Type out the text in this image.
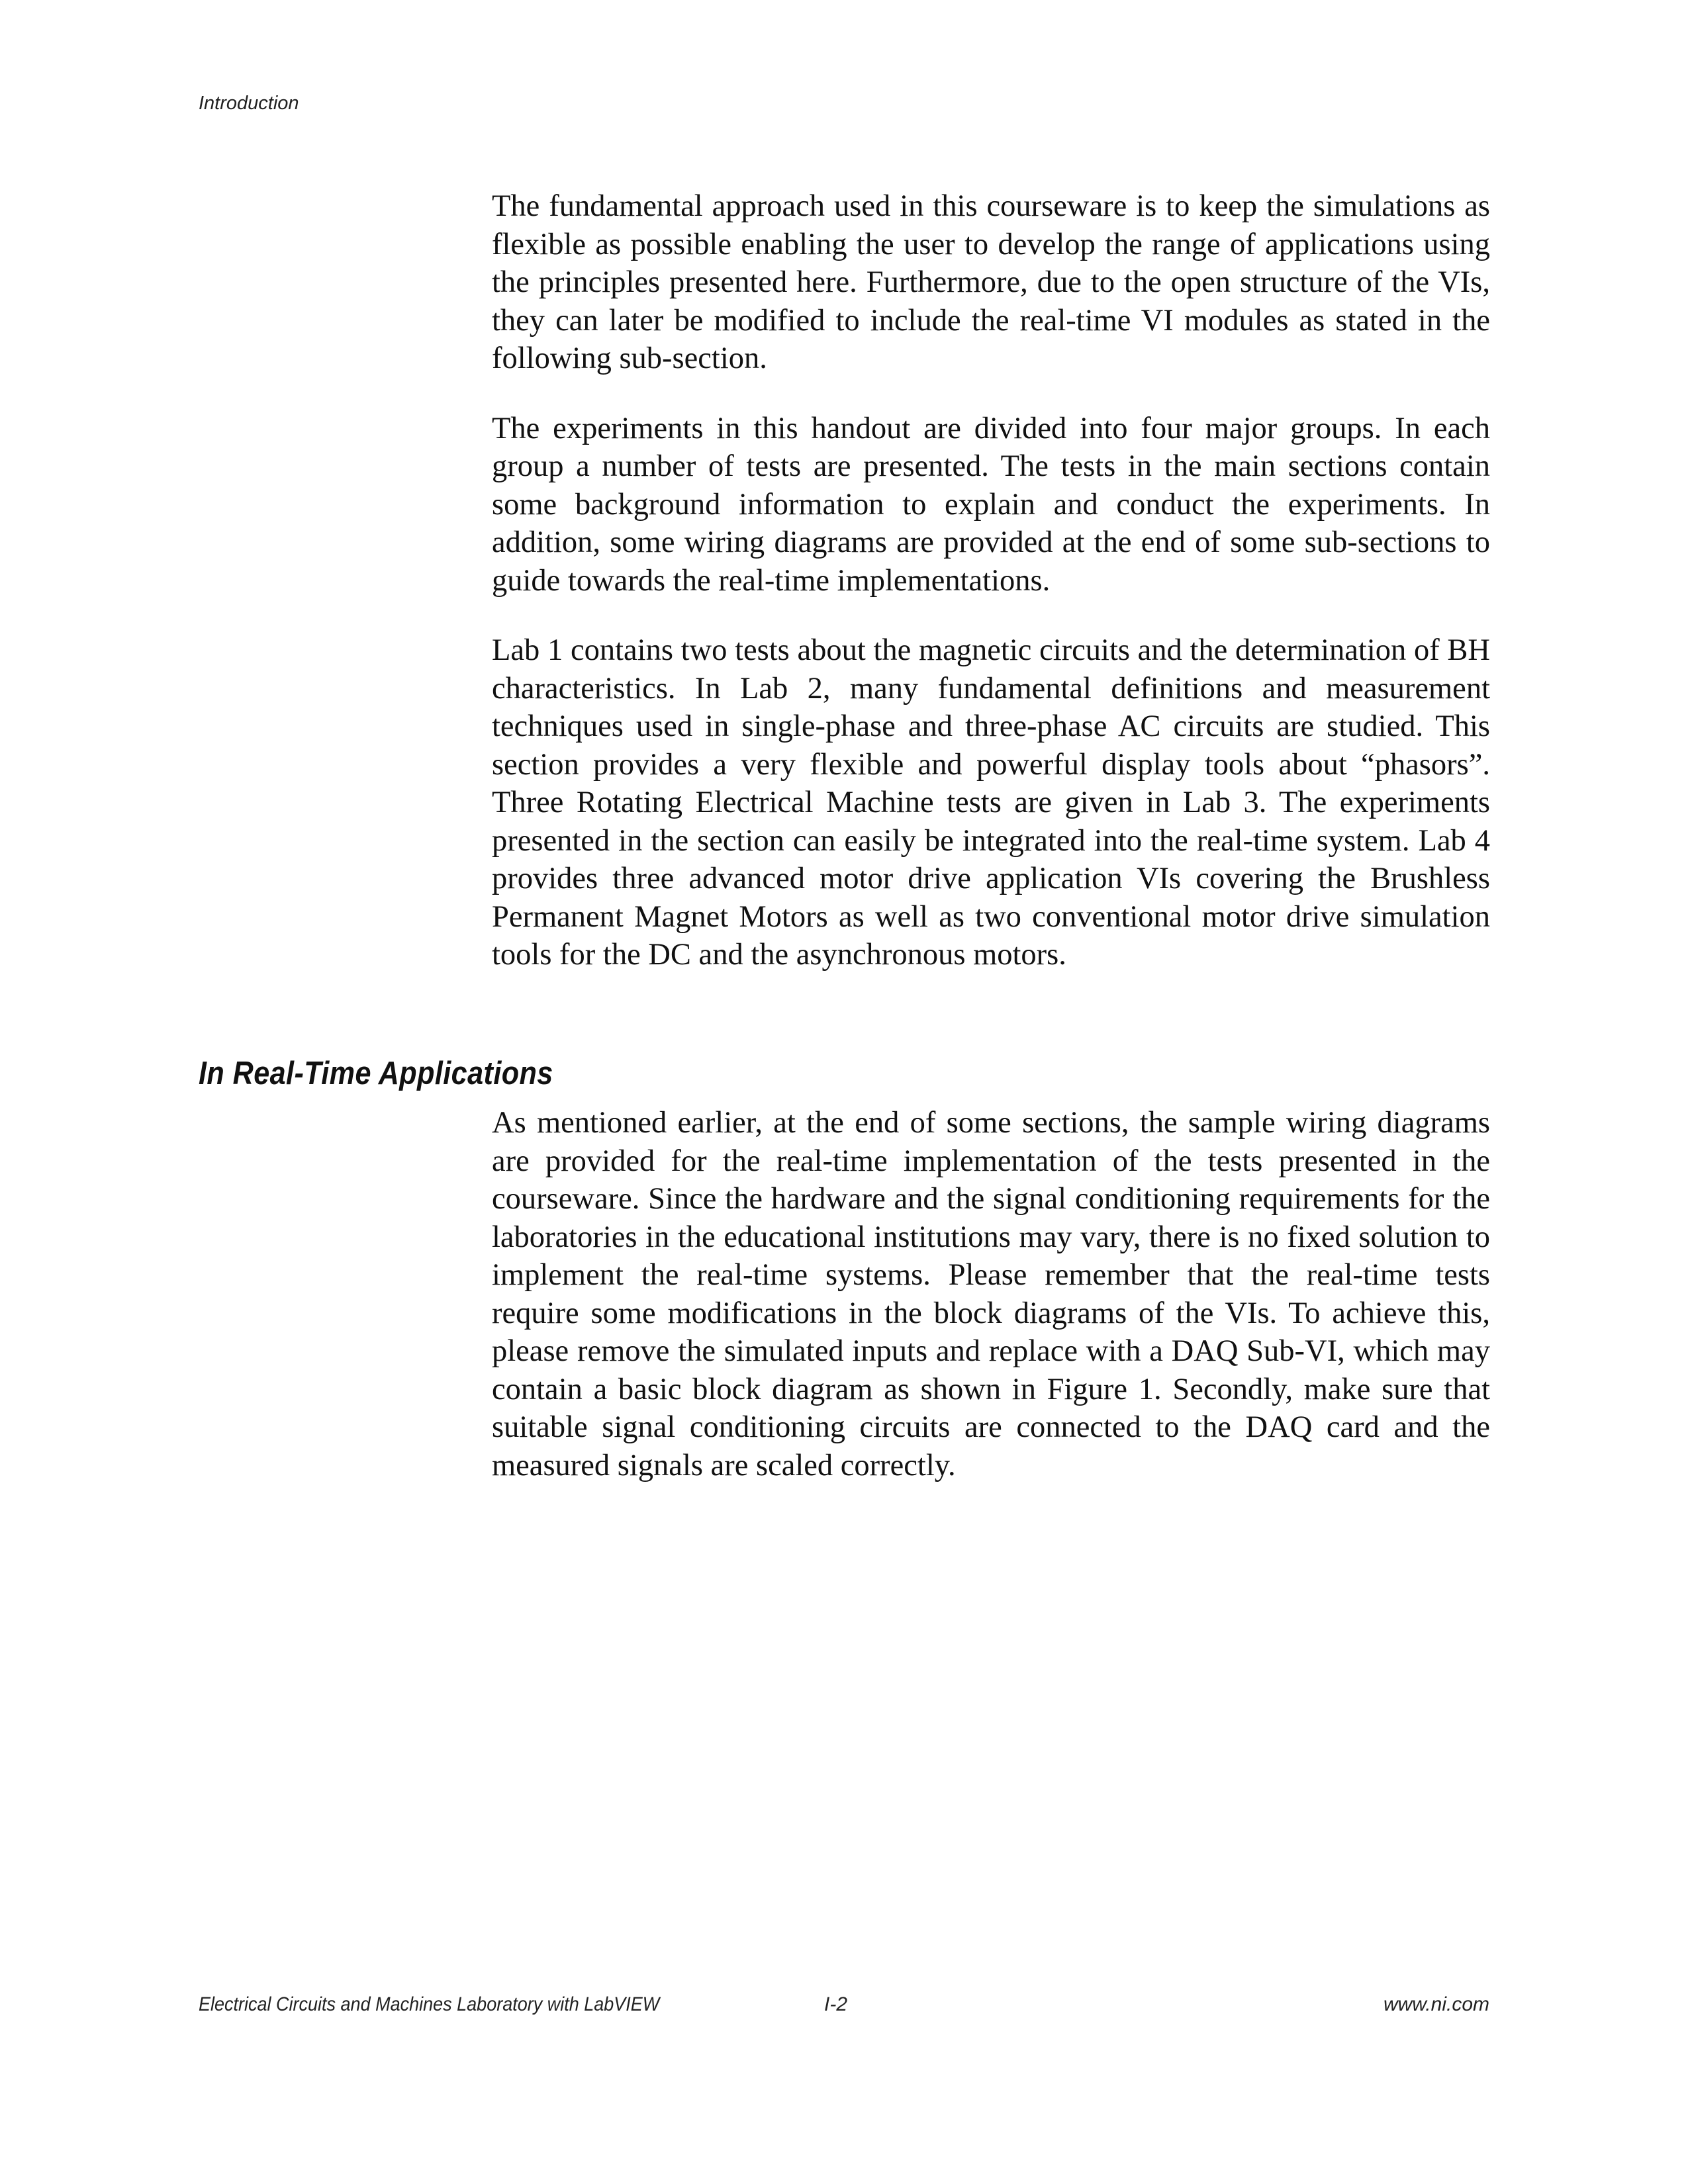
Introduction

The fundamental approach used in this courseware is to keep the simulations as flexible as possible enabling the user to develop the range of applications using the principles presented here. Furthermore, due to the open structure of the VIs, they can later be modified to include the real-time VI modules as stated in the following sub-section.

The experiments in this handout are divided into four major groups. In each group a number of tests are presented. The tests in the main sections contain some background information to explain and conduct the experiments. In addition, some wiring diagrams are provided at the end of some sub-sections to guide towards the real-time implementations.

Lab 1 contains two tests about the magnetic circuits and the determination of BH characteristics. In Lab 2, many fundamental definitions and measurement techniques used in single-phase and three-phase AC circuits are studied. This section provides a very flexible and powerful display tools about “phasors”. Three Rotating Electrical Machine tests are given in Lab 3. The experiments presented in the section can easily be integrated into the real-time system. Lab 4 provides three advanced motor drive application VIs covering the Brushless Permanent Magnet Motors as well as two conventional motor drive simulation tools for the DC and the asynchronous motors.

In Real-Time Applications

As mentioned earlier, at the end of some sections, the sample wiring diagrams are provided for the real-time implementation of the tests presented in the courseware. Since the hardware and the signal conditioning requirements for the laboratories in the educational institutions may vary, there is no fixed solution to implement the real-time systems. Please remember that the real-time tests require some modifications in the block diagrams of the VIs. To achieve this, please remove the simulated inputs and replace with a DAQ Sub-VI, which may contain a basic block diagram as shown in Figure 1. Secondly, make sure that suitable signal conditioning circuits are connected to the DAQ card and the measured signals are scaled correctly.

Electrical Circuits and Machines Laboratory with LabVIEW	I-2	www.ni.com
